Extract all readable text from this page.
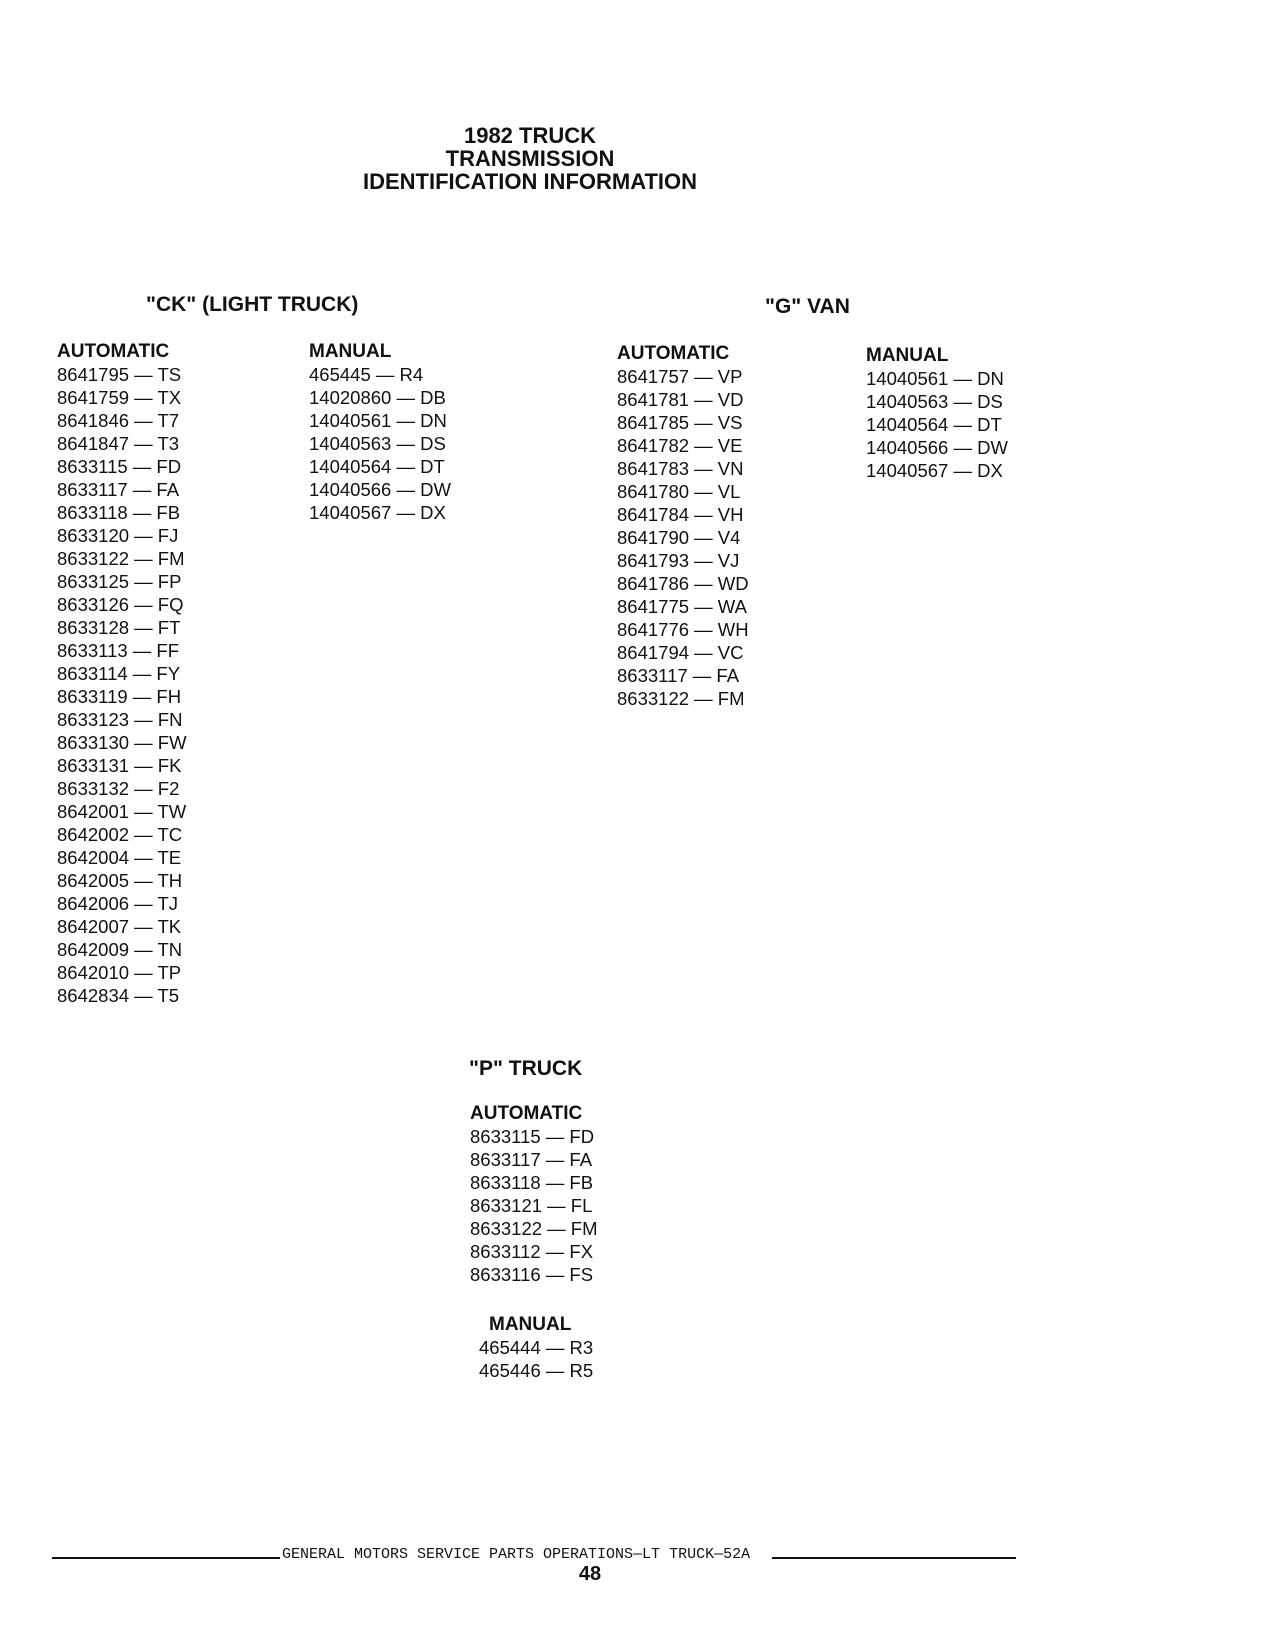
1982 TRUCK
TRANSMISSION
IDENTIFICATION INFORMATION
"CK" (LIGHT TRUCK)
AUTOMATIC
8641795 — TS
8641759 — TX
8641846 — T7
8641847 — T3
8633115 — FD
8633117 — FA
8633118 — FB
8633120 — FJ
8633122 — FM
8633125 — FP
8633126 — FQ
8633128 — FT
8633113 — FF
8633114 — FY
8633119 — FH
8633123 — FN
8633130 — FW
8633131 — FK
8633132 — F2
8642001 — TW
8642002 — TC
8642004 — TE
8642005 — TH
8642006 — TJ
8642007 — TK
8642009 — TN
8642010 — TP
8642834 — T5
MANUAL
465445 — R4
14020860 — DB
14040561 — DN
14040563 — DS
14040564 — DT
14040566 — DW
14040567 — DX
"G" VAN
AUTOMATIC
8641757 — VP
8641781 — VD
8641785 — VS
8641782 — VE
8641783 — VN
8641780 — VL
8641784 — VH
8641790 — V4
8641793 — VJ
8641786 — WD
8641775 — WA
8641776 — WH
8641794 — VC
8633117 — FA
8633122 — FM
MANUAL
14040561 — DN
14040563 — DS
14040564 — DT
14040566 — DW
14040567 — DX
"P" TRUCK
AUTOMATIC
8633115 — FD
8633117 — FA
8633118 — FB
8633121 — FL
8633122 — FM
8633112 — FX
8633116 — FS
MANUAL
465444 — R3
465446 — R5
GENERAL MOTORS SERVICE PARTS OPERATIONS—LT TRUCK—52A
48
